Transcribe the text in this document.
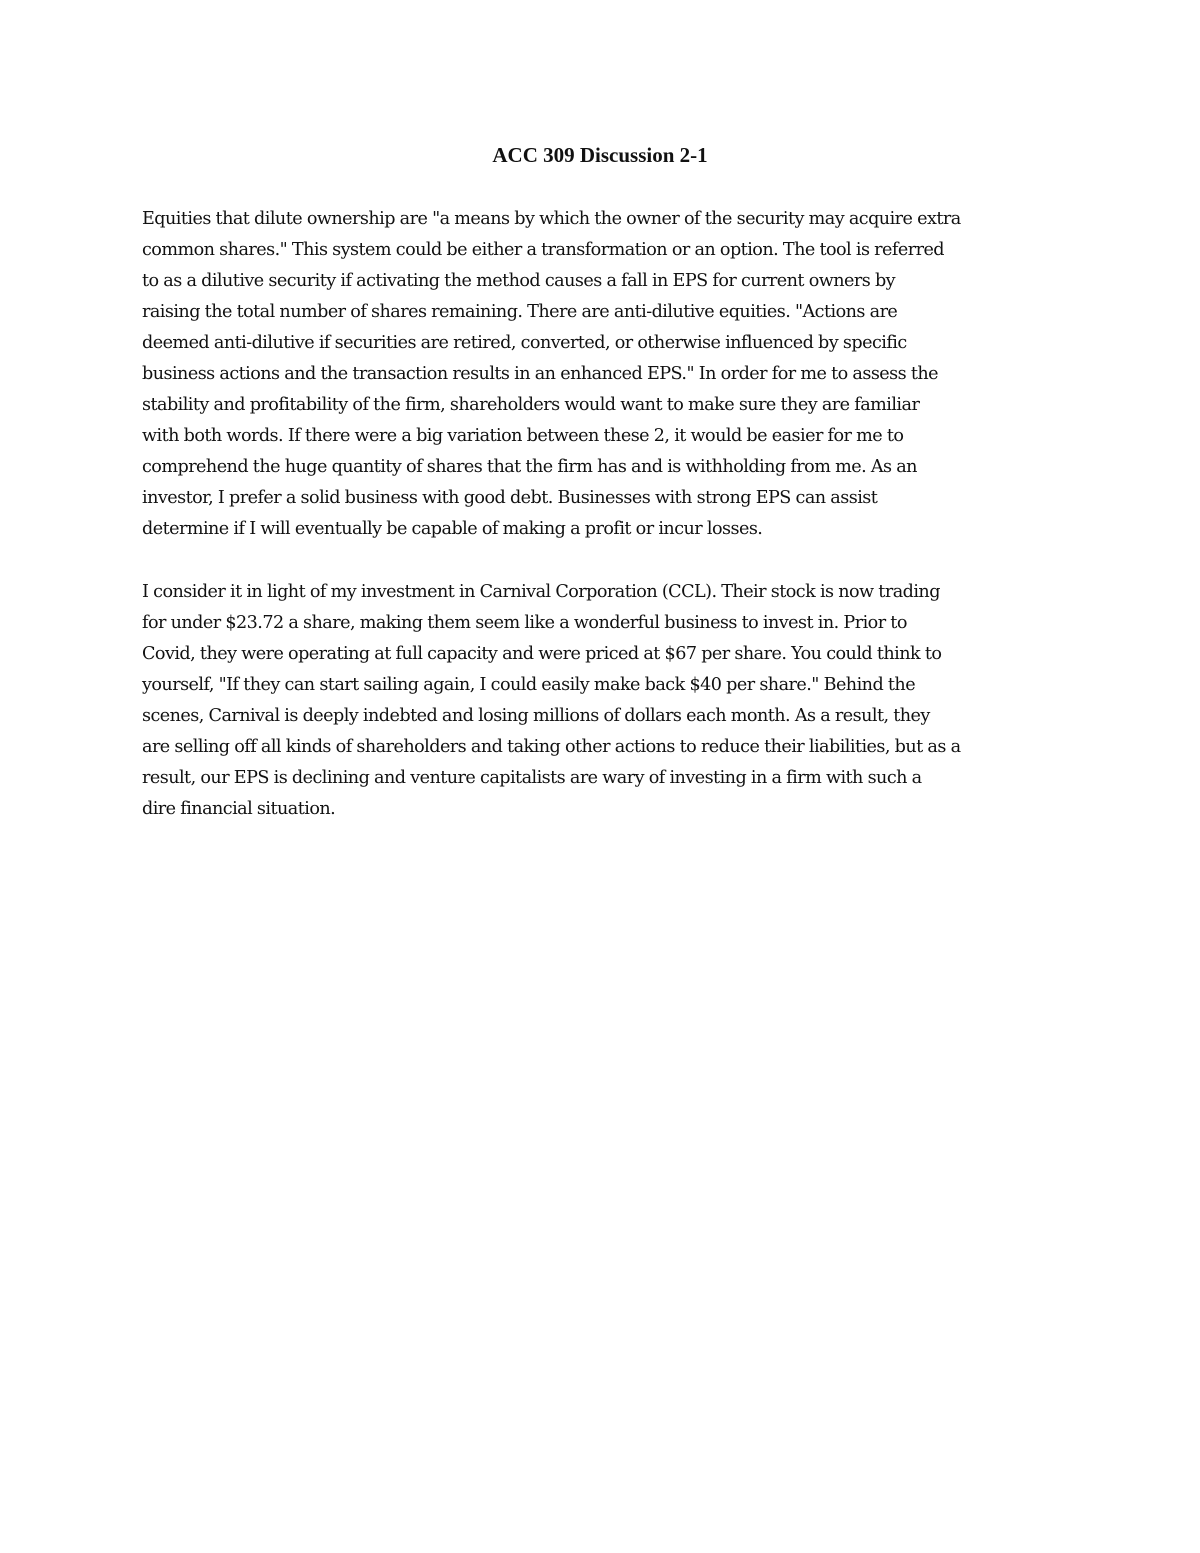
ACC 309 Discussion 2-1

Equities that dilute ownership are "a means by which the owner of the security may acquire extra
common shares." This system could be either a transformation or an option. The tool is referred
to as a dilutive security if activating the method causes a fall in EPS for current owners by
raising the total number of shares remaining. There are anti-dilutive equities. "Actions are
deemed anti-dilutive if securities are retired, converted, or otherwise influenced by specific
business actions and the transaction results in an enhanced EPS." In order for me to assess the
stability and profitability of the firm, shareholders would want to make sure they are familiar
with both words. If there were a big variation between these 2, it would be easier for me to
comprehend the huge quantity of shares that the firm has and is withholding from me. As an
investor, I prefer a solid business with good debt. Businesses with strong EPS can assist
determine if I will eventually be capable of making a profit or incur losses.

I consider it in light of my investment in Carnival Corporation (CCL). Their stock is now trading
for under $23.72 a share, making them seem like a wonderful business to invest in. Prior to
Covid, they were operating at full capacity and were priced at $67 per share. You could think to
yourself, "If they can start sailing again, I could easily make back $40 per share." Behind the
scenes, Carnival is deeply indebted and losing millions of dollars each month. As a result, they
are selling off all kinds of shareholders and taking other actions to reduce their liabilities, but as a
result, our EPS is declining and venture capitalists are wary of investing in a firm with such a
dire financial situation.
